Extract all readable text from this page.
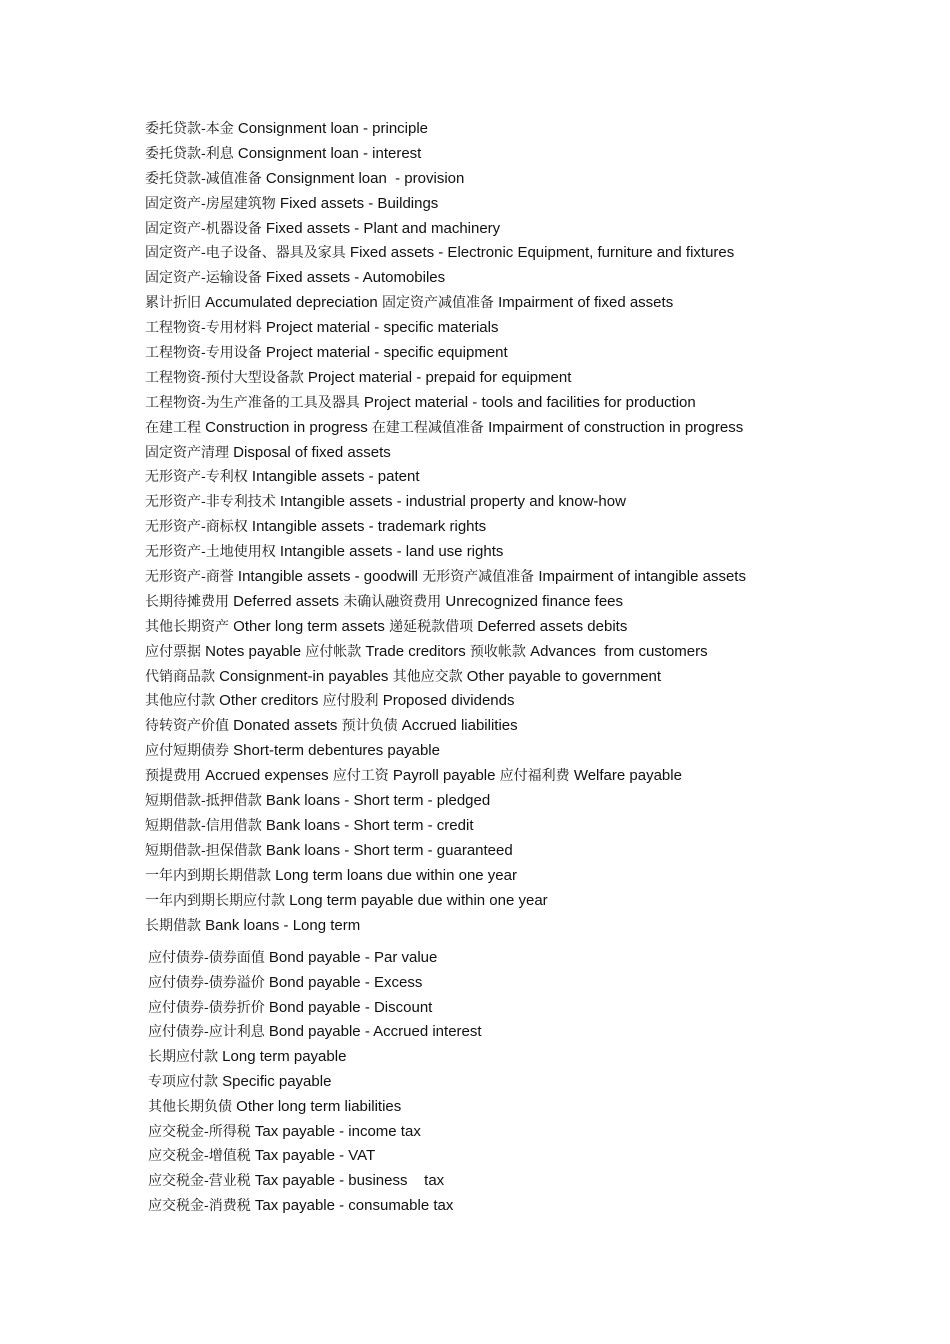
委托贷款-本金 Consignment loan - principle
委托贷款-利息 Consignment loan - interest
委托贷款-减值准备 Consignment loan  - provision
固定资产-房屋建筑物 Fixed assets - Buildings
固定资产-机器设备 Fixed assets - Plant and machinery
固定资产-电子设备、器具及家具 Fixed assets - Electronic Equipment, furniture and fixtures
固定资产-运输设备 Fixed assets - Automobiles
累计折旧 Accumulated depreciation 固定资产减值准备 Impairment of fixed assets
工程物资-专用材料 Project material - specific materials
工程物资-专用设备 Project material - specific equipment
工程物资-预付大型设备款 Project material - prepaid for equipment
工程物资-为生产准备的工具及器具 Project material - tools and facilities for production
在建工程 Construction in progress 在建工程减值准备 Impairment of construction in progress
固定资产清理 Disposal of fixed assets
无形资产-专利权 Intangible assets - patent
无形资产-非专利技术 Intangible assets - industrial property and know-how
无形资产-商标权 Intangible assets - trademark rights
无形资产-土地使用权 Intangible assets - land use rights
无形资产-商誉 Intangible assets - goodwill 无形资产减值准备 Impairment of intangible assets
长期待摊费用 Deferred assets 未确认融资费用 Unrecognized finance fees
其他长期资产 Other long term assets 递延税款借项 Deferred assets debits
应付票据 Notes payable 应付帐款 Trade creditors 预收帐款 Advances  from customers
代销商品款 Consignment-in payables 其他应交款 Other payable to government
其他应付款 Other creditors 应付股利 Proposed dividends
待转资产价值 Donated assets 预计负债 Accrued liabilities
应付短期债券 Short-term debentures payable
预提费用 Accrued expenses 应付工资 Payroll payable 应付福利费 Welfare payable
短期借款-抵押借款 Bank loans - Short term - pledged
短期借款-信用借款 Bank loans - Short term - credit
短期借款-担保借款 Bank loans - Short term - guaranteed
一年内到期长期借款 Long term loans due within one year
一年内到期长期应付款 Long term payable due within one year
长期借款 Bank loans - Long term
应付债券-债券面值 Bond payable - Par value
应付债券-债券溢价 Bond payable - Excess
应付债券-债券折价 Bond payable - Discount
应付债券-应计利息 Bond payable - Accrued interest
长期应付款 Long term payable
专项应付款 Specific payable
其他长期负债 Other long term liabilities
应交税金-所得税 Tax payable - income tax
应交税金-增值税 Tax payable - VAT
应交税金-营业税 Tax payable - business    tax
应交税金-消费税 Tax payable - consumable tax
